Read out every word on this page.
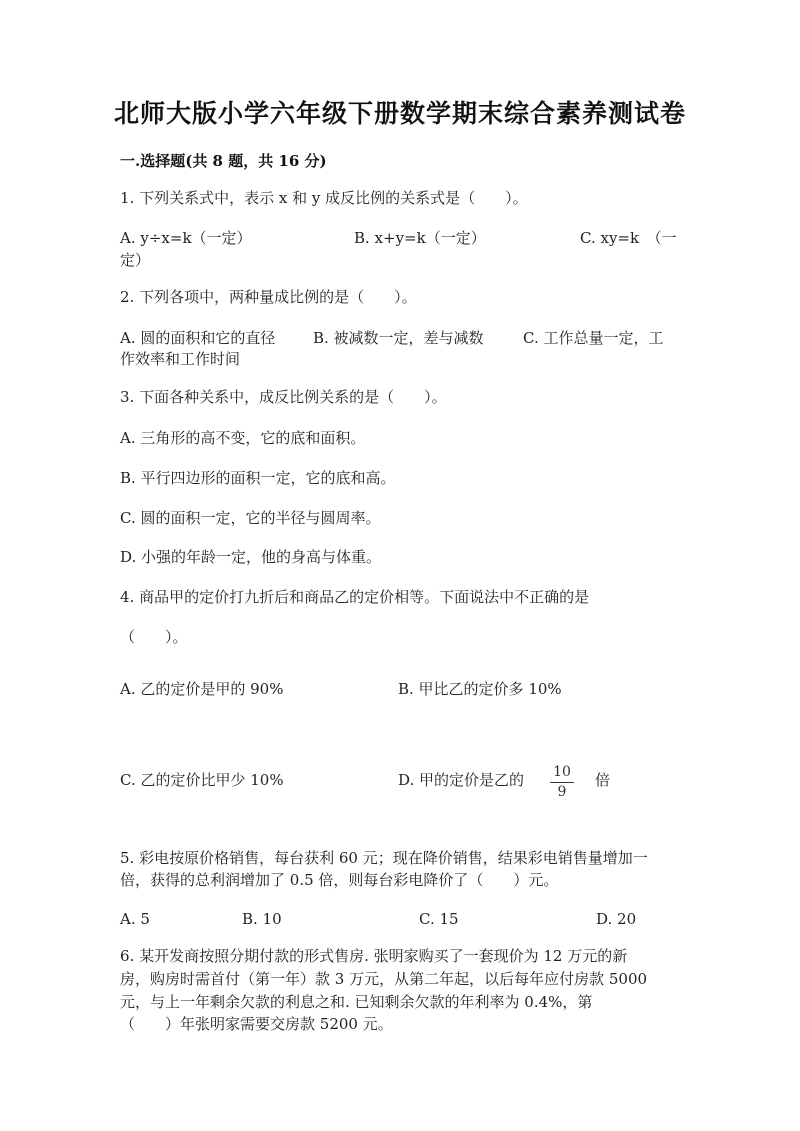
北师大版小学六年级下册数学期末综合素养测试卷
一.选择题(共 8 题，共 16 分)
1. 下列关系式中，表示 x 和 y 成反比例的关系式是（　　）。
A. y÷x=k（一定）	B. x+y=k（一定）	C. xy=k　（一
定）
2. 下列各项中，两种量成比例的是（　　）。
A. 圆的面积和它的直径	B. 被减数一定，差与减数	C. 工作总量一定，工
作效率和工作时间
3. 下面各种关系中，成反比例关系的是（　　）。
A. 三角形的高不变，它的底和面积。
B. 平行四边形的面积一定，它的底和高。
C. 圆的面积一定，它的半径与圆周率。
D. 小强的年龄一定，他的身高与体重。
4. 商品甲的定价打九折后和商品乙的定价相等。下面说法中不正确的是
（　　）。
A. 乙的定价是甲的 90%	B. 甲比乙的定价多 10%
C. 乙的定价比甲少 10%	D. 甲的定价是乙的 $\frac{10}{9}$ 倍
5. 彩电按原价格销售，每台获利 60 元；现在降价销售，结果彩电销售量增加一
倍，获得的总利润增加了 0.5 倍，则每台彩电降价了（　　）元。
A. 5	B. 10	C. 15	D. 20
6. 某开发商按照分期付款的形式售房. 张明家购买了一套现价为 12 万元的新
房，购房时需首付（第一年）款 3 万元，从第二年起，以后每年应付房款 5000
元，与上一年剩余欠款的利息之和. 已知剩余欠款的年利率为 0.4%，第
（　　）年张明家需要交房款 5200 元。
